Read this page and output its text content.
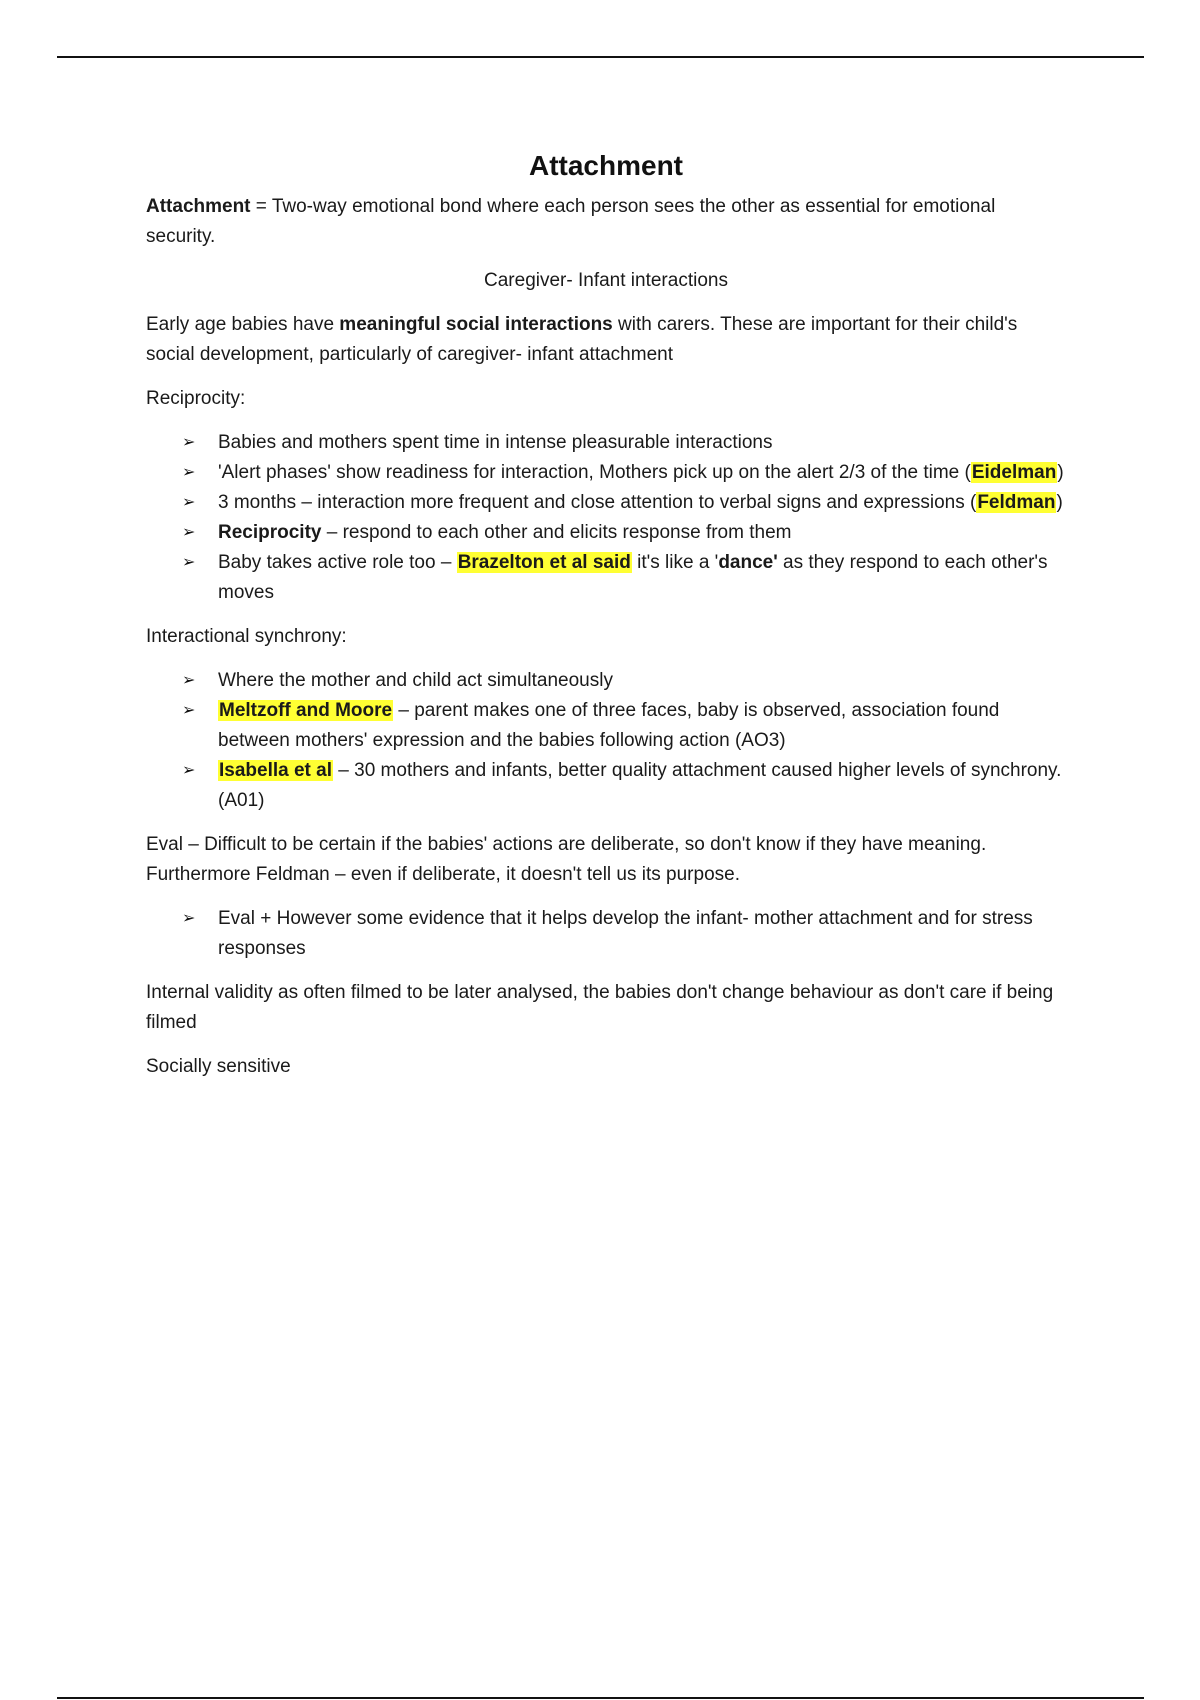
Attachment

Attachment = Two-way emotional bond where each person sees the other as essential for emotional security.

Caregiver- Infant interactions

Early age babies have meaningful social interactions with carers. These are important for their child's social development, particularly of caregiver- infant attachment

Reciprocity:

➢ Babies and mothers spent time in intense pleasurable interactions
➢ 'Alert phases' show readiness for interaction, Mothers pick up on the alert 2/3 of the time (Eidelman)
➢ 3 months – interaction more frequent and close attention to verbal signs and expressions (Feldman)
➢ Reciprocity – respond to each other and elicits response from them
➢ Baby takes active role too – Brazelton et al said it's like a 'dance' as they respond to each other's moves

Interactional synchrony:

➢ Where the mother and child act simultaneously
➢ Meltzoff and Moore – parent makes one of three faces, baby is observed, association found between mothers' expression and the babies following action (AO3)
➢ Isabella et al – 30 mothers and infants, better quality attachment caused higher levels of synchrony. (A01)

Eval – Difficult to be certain if the babies' actions are deliberate, so don't know if they have meaning. Furthermore Feldman – even if deliberate, it doesn't tell us its purpose.

➢ Eval + However some evidence that it helps develop the infant- mother attachment and for stress responses

Internal validity as often filmed to be later analysed, the babies don't change behaviour as don't care if being filmed

Socially sensitive
